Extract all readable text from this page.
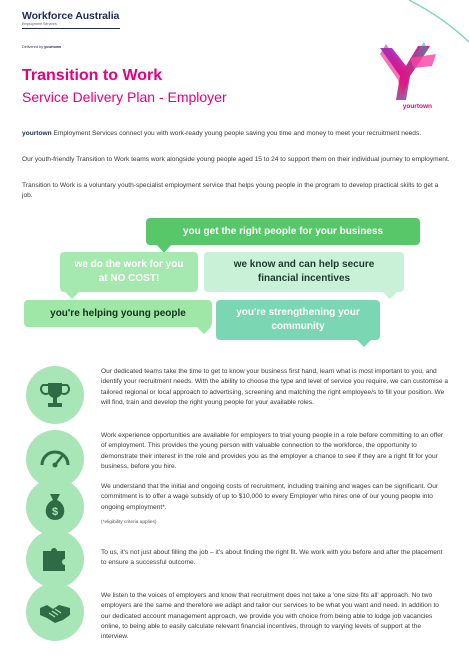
Workforce Australia
Employment Services
Delivered by yourtown
Transition to Work
Service Delivery Plan - Employer
yourtown
yourtown Employment Services connect you with work-ready young people saving you time and money to meet your recruitment needs.
Our youth-friendly Transition to Work teams work alongside young people aged 15 to 24 to support them on their individual journey to employment.
Transition to Work is a voluntary youth-specialist employment service that helps young people in the program to develop practical skills to get a job.
you get the right people for your business
we do the work for you at NO COST!
we know and can help secure financial incentives
you're helping young people	you're strengthening your community
Our dedicated teams take the time to get to know your business first hand, learn what is most important to you, and identify your recruitment needs. With the ability to choose the type and level of service you require, we can customise a tailored regional or local approach to advertising, screening and matching the right employee/s to fill your position. We will find, train and develop the right young people for your available roles.
Work experience opportunities are available for employers to trial young people in a role before committing to an offer of employment. This provides the young person with valuable connection to the workforce, the opportunity to demonstrate their interest in the role and provides you as the employer a chance to see if they are a right fit for your business, before you hire.
$
We understand that the initial and ongoing costs of recruitment, including training and wages can be significant. Our commitment is to offer a wage subsidy of up to $10,000 to every Employer who hires one of our young people into ongoing employment*.
(*eligibility criteria applies)
To us, it's not just about filling the job – it's about finding the right fit. We work with you before and after the placement to ensure a successful outcome.
We listen to the voices of employers and know that recruitment does not take a 'one size fits all' approach. No two employers are the same and therefore we adapt and tailor our services to be what you want and need. In addition to our dedicated account management approach, we provide you with choice from being able to lodge job vacancies online, to being able to easily calculate relevant financial incentives, through to varying levels of support at the interview.
